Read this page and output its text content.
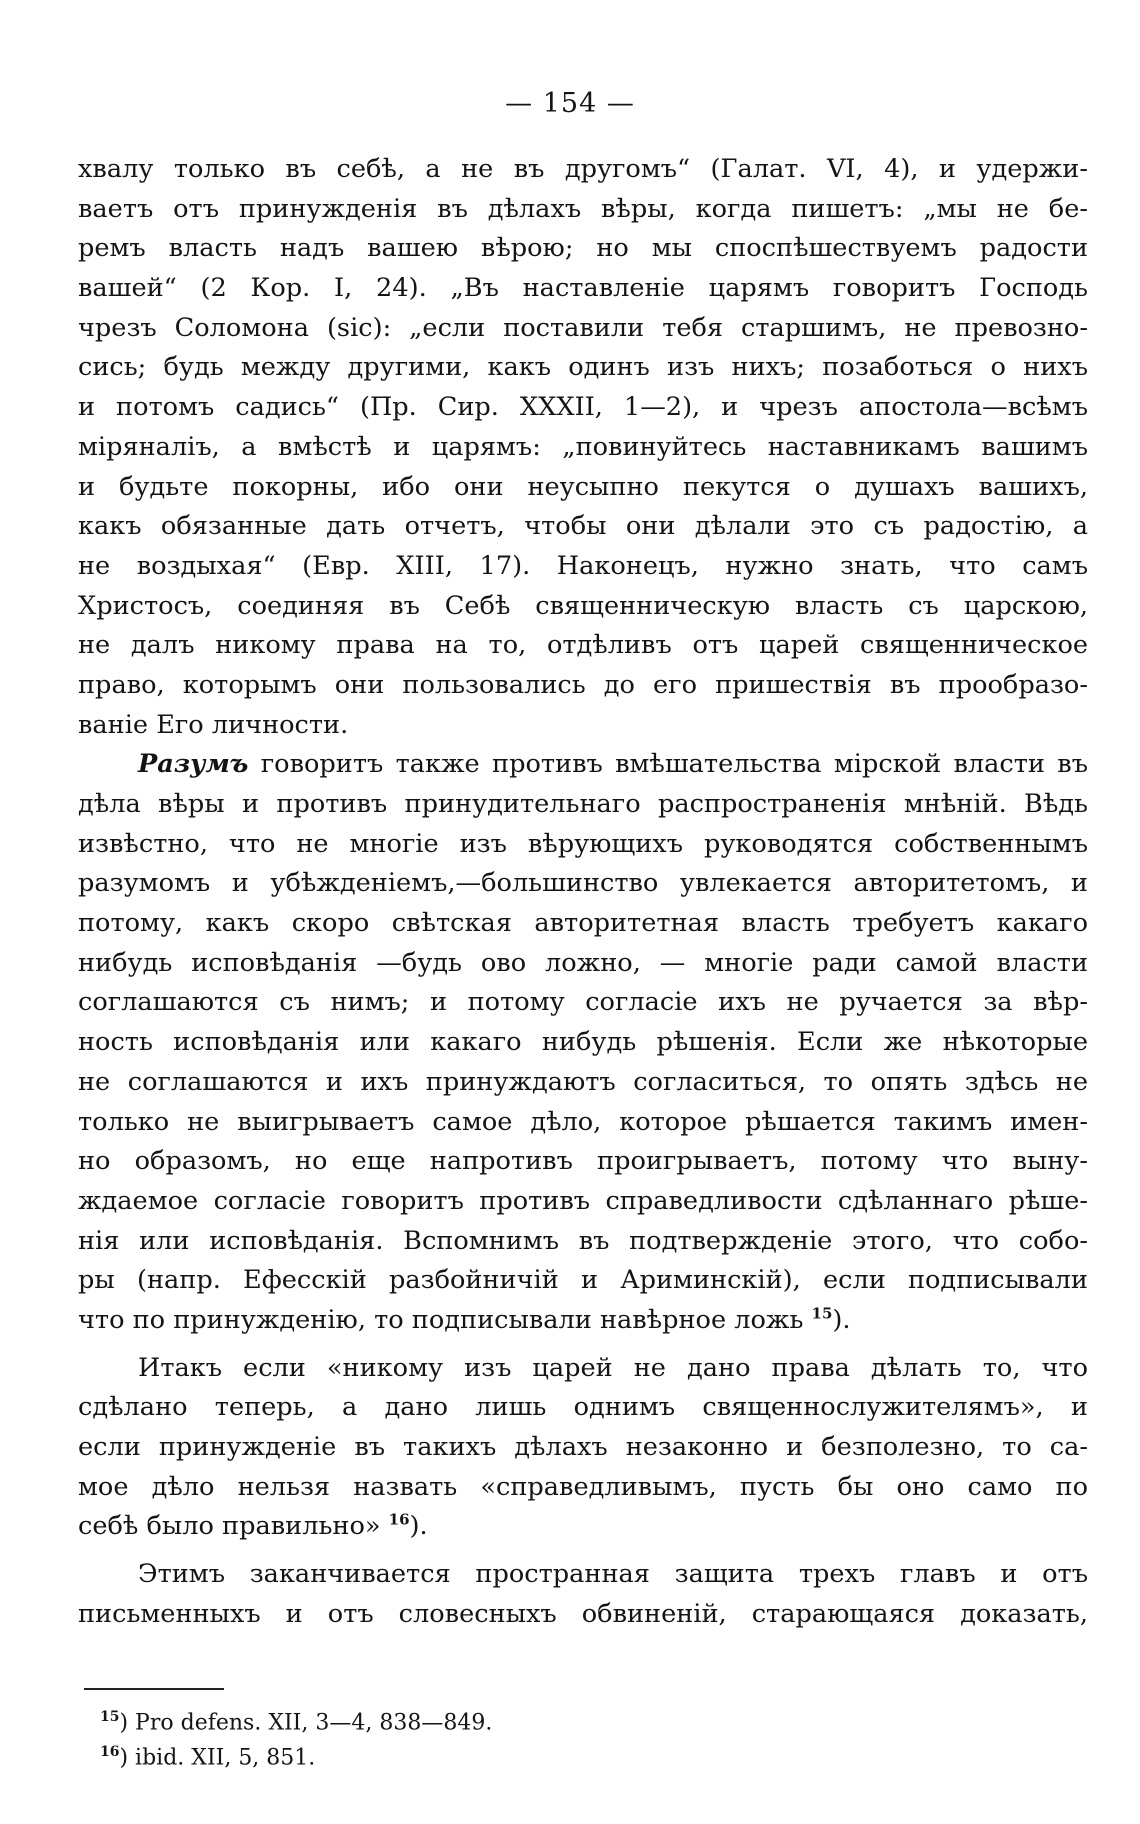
— 154 —
хвалу только въ себѣ, а не въ другомъ“ (Галат. VI, 4), и удержи-
ваетъ отъ принужденія въ дѣлахъ вѣры, когда пишетъ: „мы не бе-
ремъ власть надъ вашею вѣрою; но мы споспѣшествуемъ радости
вашей“ (2 Кор. I, 24). „Въ наставленіе царямъ говоритъ Господь
чрезъ Соломона (sic): „если поставили тебя старшимъ, не превозно-
сись; будь между другими, какъ одинъ изъ нихъ; позаботься о нихъ
и потомъ садись“ (Пр. Сир. XXXII, 1—2), и чрезъ апостола—всѣмъ
міряналіъ, а вмѣстѣ и царямъ: „повинуйтесь наставникамъ вашимъ
и будьте покорны, ибо они неусыпно пекутся о душахъ вашихъ,
какъ обязанные дать отчетъ, чтобы они дѣлали это съ радостію, а
не воздыхая“ (Евр. XIII, 17). Наконецъ, нужно знать, что самъ
Христосъ, соединяя въ Себѣ священническую власть съ царскою,
не далъ никому права на то, отдѣливъ отъ царей священническое
право, которымъ они пользовались до его пришествія въ прообразо-
ваніе Его личности.
Разумъ говоритъ также противъ вмѣшательства мірской власти въ
дѣла вѣры и противъ принудительнаго распространенія мнѣній. Вѣдь
извѣстно, что не многіе изъ вѣрующихъ руководятся собственнымъ
разумомъ и убѣжденіемъ,—большинство увлекается авторитетомъ, и
потому, какъ скоро свѣтская авторитетная власть требуетъ какаго
нибудь исповѣданія —будь ово ложно, — многіе ради самой власти
соглашаются съ нимъ; и потому согласіе ихъ не ручается за вѣр-
ность исповѣданія или какаго нибудь рѣшенія. Если же нѣкоторые
не соглашаются и ихъ принуждаютъ согласиться, то опять здѣсь не
только не выигрываетъ самое дѣло, которое рѣшается такимъ имен-
но образомъ, но еще напротивъ проигрываетъ, потому что выну-
ждаемое согласіе говоритъ противъ справедливости сдѣланнаго рѣше-
нія или исповѣданія. Вспомнимъ въ подтвержденіе этого, что собо-
ры (напр. Ефесскій разбойничій и Ариминскій), если подписывали
что по принужденію, то подписывали навѣрное ложь $^{15}$).
Итакъ если «никому изъ царей не дано права дѣлать то, что
сдѣлано теперь, а дано лишь однимъ священнослужителямъ», и
если принужденіе въ такихъ дѣлахъ незаконно и безполезно, то са-
мое дѣло нельзя назвать «справедливымъ, пусть бы оно само по
себѣ было правильно» $^{16}$).
Этимъ заканчивается пространная защита трехъ главъ и отъ
письменныхъ и отъ словесныхъ обвиненій, старающаяся доказать,
$^{15}$) Pro defens. XII, 3—4, 838—849.
$^{16}$) ibid. XII, 5, 851.
